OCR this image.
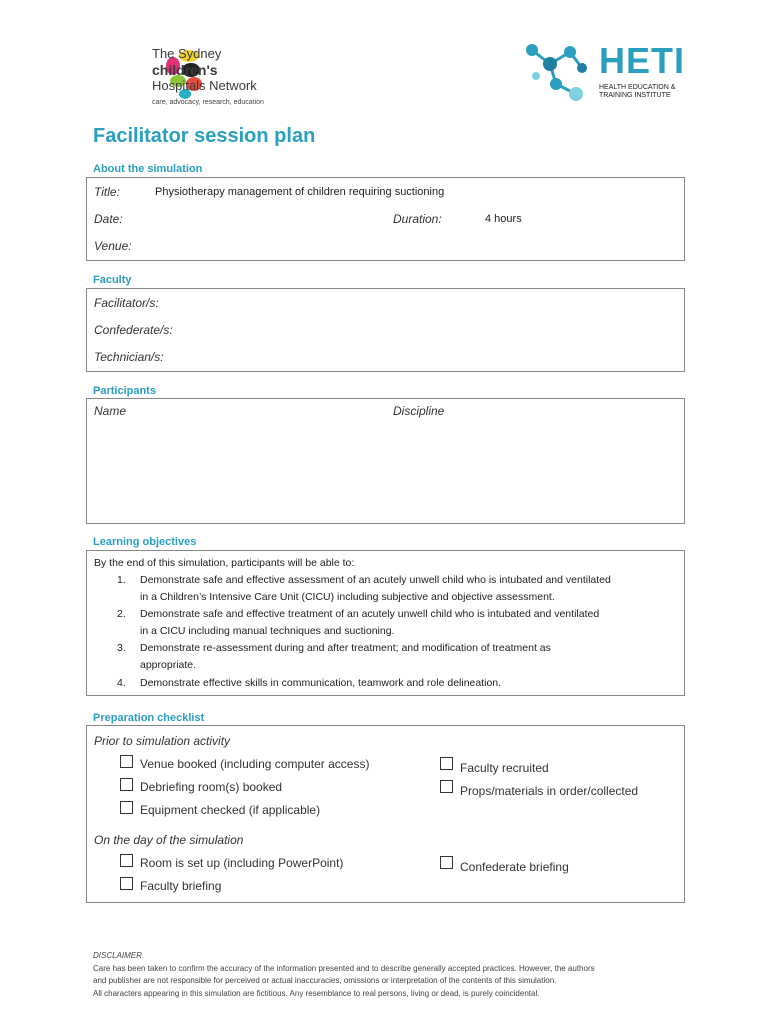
The Sydney
children's
Hospitals Network
care, advocacy, research, education
HETI
HEALTH EDUCATION &
TRAINING INSTITUTE
Facilitator session plan
About the simulation
Title:	Physiotherapy management of children requiring suctioning
Date:	Duration:	4 hours
Venue:
Faculty
Facilitator/s:
Confederate/s:
Technician/s:
Participants
Name	Discipline
Learning objectives
By the end of this simulation, participants will be able to:
1. Demonstrate safe and effective assessment of an acutely unwell child who is intubated and ventilated
in a Children’s Intensive Care Unit (CICU) including subjective and objective assessment.
2. Demonstrate safe and effective treatment of an acutely unwell child who is intubated and ventilated
in a CICU including manual techniques and suctioning.
3. Demonstrate re-assessment during and after treatment; and modification of treatment as
appropriate.
4. Demonstrate effective skills in communication, teamwork and role delineation.
Preparation checklist
Prior to simulation activity
Venue booked (including computer access)
Debriefing room(s) booked
Equipment checked (if applicable)
Faculty recruited
Props/materials in order/collected
On the day of the simulation
Room is set up (including PowerPoint)
Faculty briefing
Confederate briefing
DISCLAIMER
Care has been taken to confirm the accuracy of the information presented and to describe generally accepted practices. However, the authors
and publisher are not responsible for perceived or actual inaccuracies, omissions or interpretation of the contents of this simulation.
All characters appearing in this simulation are fictitious. Any resemblance to real persons, living or dead, is purely coincidental.
